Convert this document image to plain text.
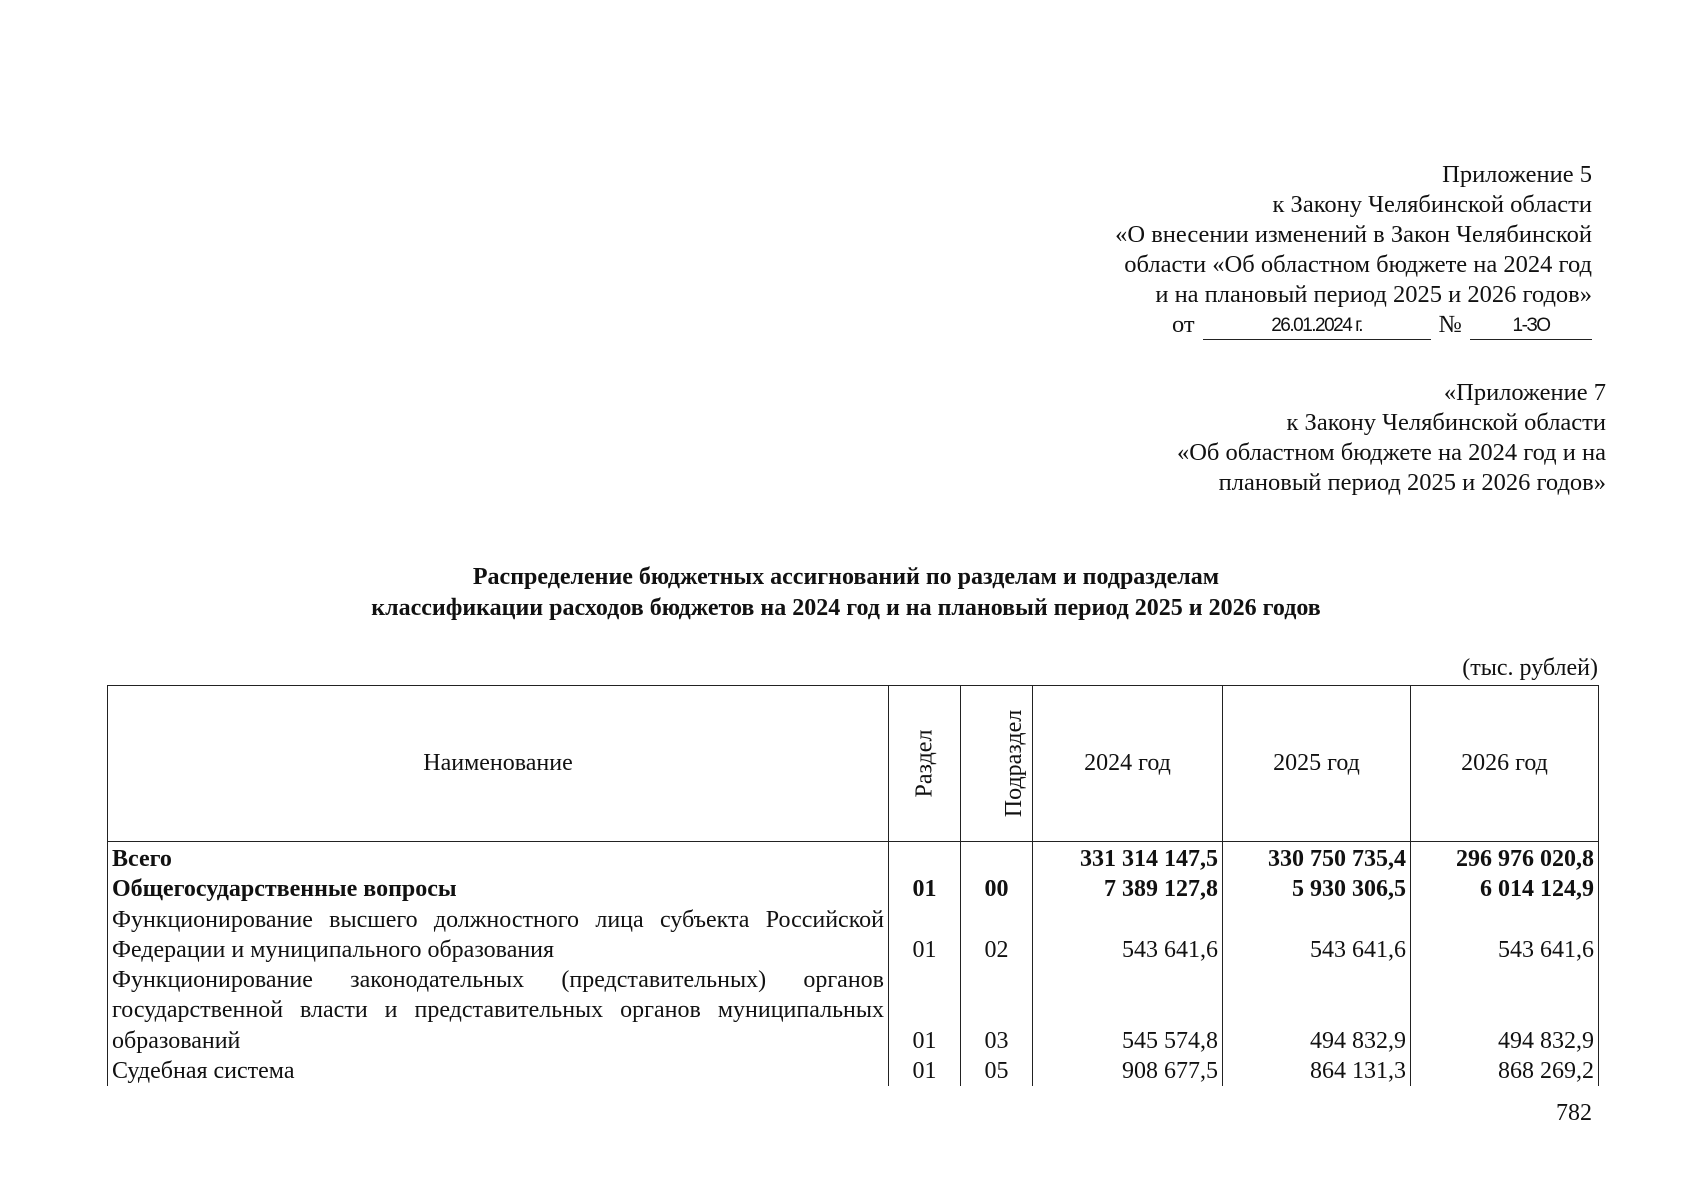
Приложение 5
к Закону Челябинской области
«О внесении изменений в Закон Челябинской
области «Об областном бюджете на 2024 год
и на плановый период 2025 и 2026 годов»
от	26.01.2024 г.	№	1-ЗО
«Приложение 7
к Закону Челябинской области
«Об областном бюджете на 2024 год и на
плановый период 2025 и 2026 годов»
Распределение бюджетных ассигнований по разделам и подразделам
классификации расходов бюджетов на 2024 год и на плановый период 2025 и 2026 годов
(тыс. рублей)
Наименование	Раздел	Подраздел	2024 год	2025 год	2026 год
Всего			331 314 147,5	330 750 735,4	296 976 020,8
Общегосударственные вопросы	01	00	7 389 127,8	5 930 306,5	6 014 124,9
Функционирование высшего должностного лица субъекта Российской Федерации и муниципального образования	01	02	543 641,6	543 641,6	543 641,6
Функционирование законодательных (представительных) органов государственной власти и представительных органов муниципальных образований	01	03	545 574,8	494 832,9	494 832,9
Судебная система	01	05	908 677,5	864 131,3	868 269,2
782
